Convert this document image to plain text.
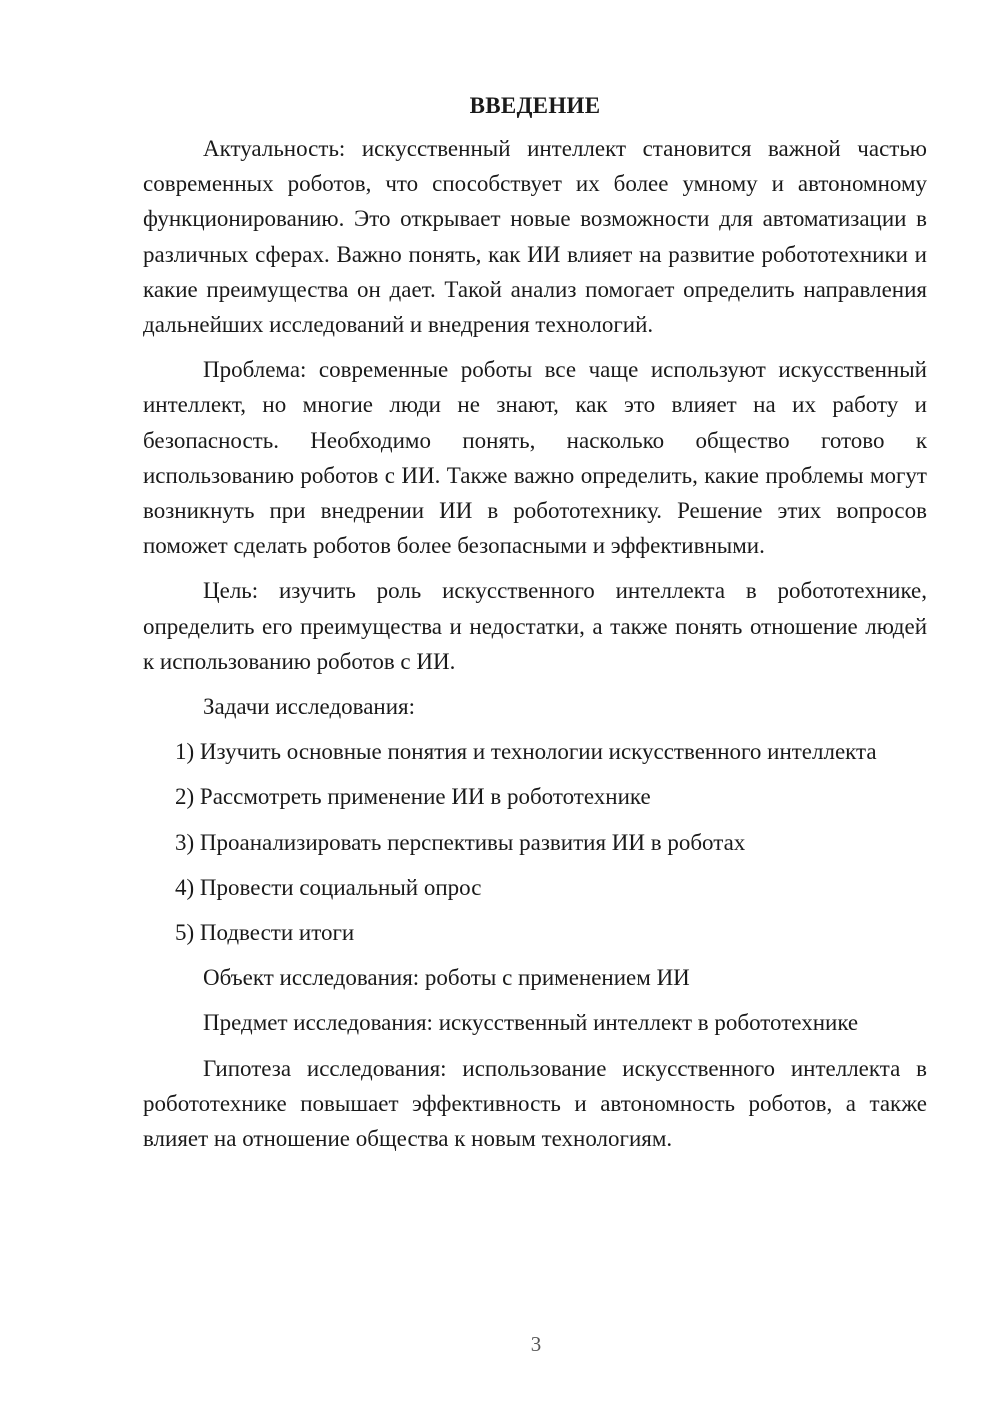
ВВЕДЕНИЕ

Актуальность: искусственный интеллект становится важной частью современных роботов, что способствует их более умному и автономному функционированию. Это открывает новые возможности для автоматизации в различных сферах. Важно понять, как ИИ влияет на развитие робототехники и какие преимущества он дает. Такой анализ помогает определить направления дальнейших исследований и внедрения технологий.

Проблема: современные роботы все чаще используют искусственный интеллект, но многие люди не знают, как это влияет на их работу и безопасность. Необходимо понять, насколько общество готово к использованию роботов с ИИ. Также важно определить, какие проблемы могут возникнуть при внедрении ИИ в робототехнику. Решение этих вопросов поможет сделать роботов более безопасными и эффективными.

Цель: изучить роль искусственного интеллекта в робототехнике, определить его преимущества и недостатки, а также понять отношение людей к использованию роботов с ИИ.

Задачи исследования:

1) Изучить основные понятия и технологии искусственного интеллекта

2) Рассмотреть применение ИИ в робототехнике

3) Проанализировать перспективы развития ИИ в роботах

4) Провести социальный опрос

5) Подвести итоги

Объект исследования: роботы с применением ИИ

Предмет исследования: искусственный интеллект в робототехнике

Гипотеза исследования: использование искусственного интеллекта в робототехнике повышает эффективность и автономность роботов, а также влияет на отношение общества к новым технологиям.

3
